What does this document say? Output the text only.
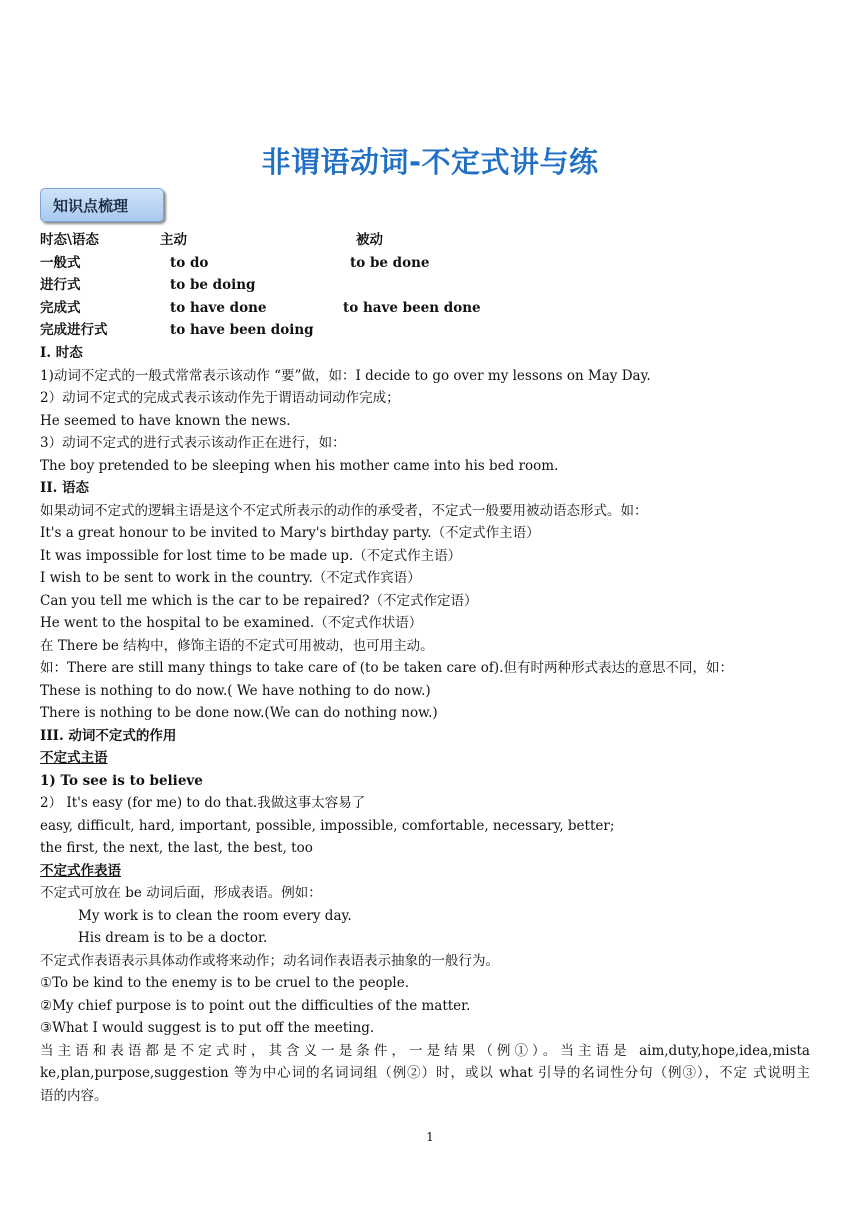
非谓语动词-不定式讲与练
知识点梳理
时态\语态	主动	被动
一般式	to do	to be done
进行式	to be doing
完成式	to have done	to have been done
完成进行式	to have been doing
I. 时态
1)动词不定式的一般式常常表示该动作 “要”做，如：I decide to go over my lessons on May Day.
2）动词不定式的完成式表示该动作先于谓语动词动作完成；
He seemed to have known the news.
3）动词不定式的进行式表示该动作正在进行，如：
The boy pretended to be sleeping when his mother came into his bed room.
II. 语态
如果动词不定式的逻辑主语是这个不定式所表示的动作的承受者，不定式一般要用被动语态形式。如：
It's a great honour to be invited to Mary's birthday party.（不定式作主语）
It was impossible for lost time to be made up.（不定式作主语）
I wish to be sent to work in the country.（不定式作宾语）
Can you tell me which is the car to be repaired?（不定式作定语）
He went to the hospital to be examined.（不定式作状语）
在 There be 结构中，修饰主语的不定式可用被动，也可用主动。
如：There are still many things to take care of (to be taken care of).但有时两种形式表达的意思不同，如：
These is nothing to do now.( We have nothing to do now.)
There is nothing to be done now.(We can do nothing now.)
III. 动词不定式的作用
不定式主语
1) To see is to believe
2） It's easy (for me) to do that.我做这事太容易了
easy, difficult, hard, important, possible, impossible, comfortable, necessary, better;
the first, the next, the last, the best, too
不定式作表语
不定式可放在 be 动词后面，形成表语。例如：
My work is to clean the room every day.
His dream is to be a doctor.
不定式作表语表示具体动作或将来动作；动名词作表语表示抽象的一般行为。
①To be kind to the enemy is to be cruel to the people.
②My chief purpose is to point out the difficulties of the matter.
③What I would suggest is to put off the meeting.
当主语和表语都是不定式时，其含义一是条件，一是结果（例①）。当主语是 aim,duty,hope,idea,mista
ke,plan,purpose,suggestion 等为中心词的名词词组（例②）时，或以 what 引导的名词性分句（例③），不定 式说明主
语的内容。
1
